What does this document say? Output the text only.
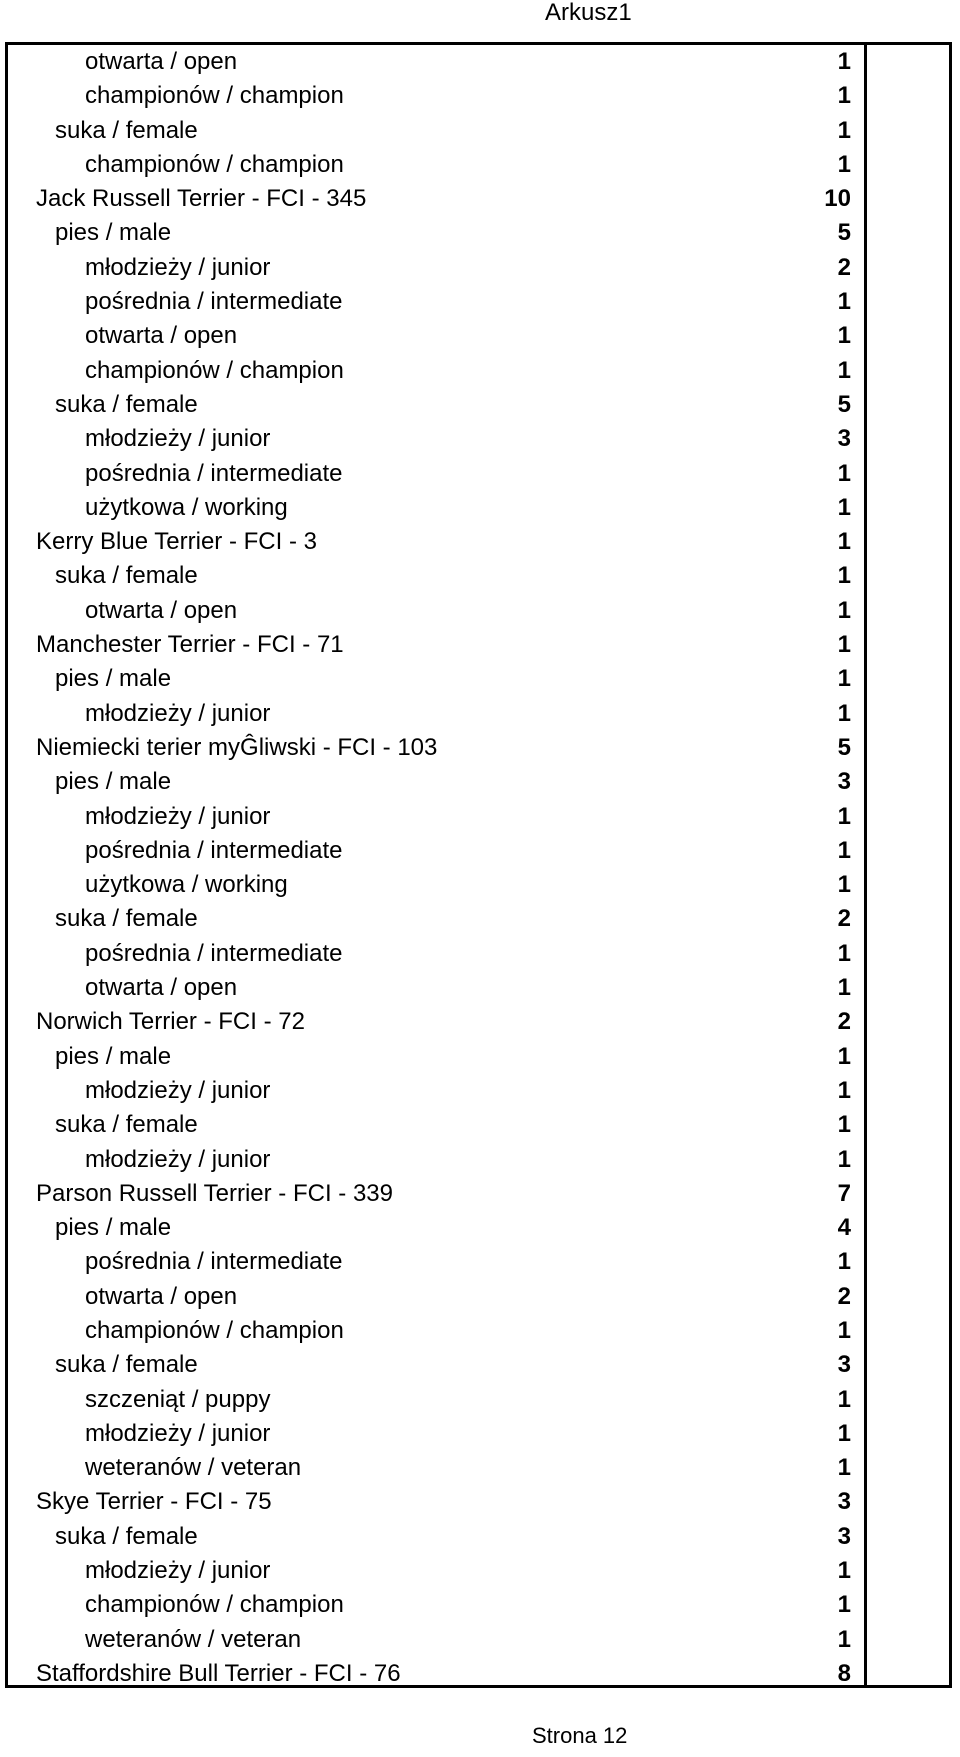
Arkusz1
otwarta / open	1
championów / champion	1
suka / female	1
championów / champion	1
Jack Russell Terrier - FCI - 345	10
pies / male	5
młodzieży / junior	2
pośrednia / intermediate	1
otwarta / open	1
championów / champion	1
suka / female	5
młodzieży / junior	3
pośrednia / intermediate	1
użytkowa / working	1
Kerry Blue Terrier - FCI - 3	1
suka / female	1
otwarta / open	1
Manchester Terrier - FCI - 71	1
pies / male	1
młodzieży / junior	1
Niemiecki terier myĜliwski - FCI - 103	5
pies / male	3
młodzieży / junior	1
pośrednia / intermediate	1
użytkowa / working	1
suka / female	2
pośrednia / intermediate	1
otwarta / open	1
Norwich Terrier - FCI - 72	2
pies / male	1
młodzieży / junior	1
suka / female	1
młodzieży / junior	1
Parson Russell Terrier - FCI - 339	7
pies / male	4
pośrednia / intermediate	1
otwarta / open	2
championów / champion	1
suka / female	3
szczeniąt / puppy	1
młodzieży / junior	1
weteranów / veteran	1
Skye Terrier - FCI - 75	3
suka / female	3
młodzieży / junior	1
championów / champion	1
weteranów / veteran	1
Staffordshire Bull Terrier - FCI - 76	8
Strona 12
